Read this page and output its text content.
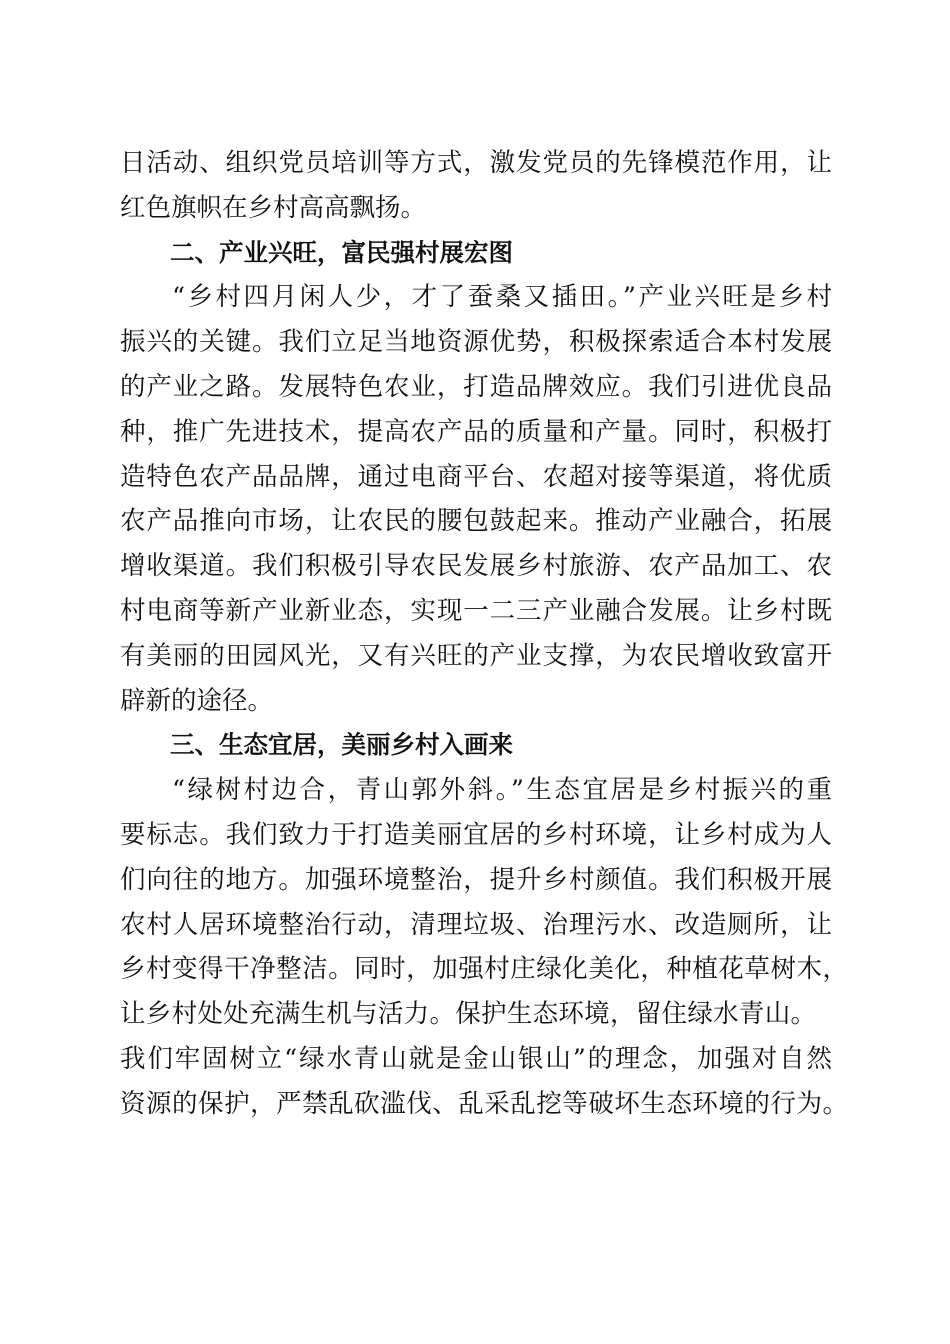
日活动、组织党员培训等方式，激发党员的先锋模范作用，让
红色旗帜在乡村高高飘扬。
二、产业兴旺，富民强村展宏图
“乡村四月闲人少，才了蚕桑又插田。”产业兴旺是乡村
振兴的关键。我们立足当地资源优势，积极探索适合本村发展
的产业之路。发展特色农业，打造品牌效应。我们引进优良品
种，推广先进技术，提高农产品的质量和产量。同时，积极打
造特色农产品品牌，通过电商平台、农超对接等渠道，将优质
农产品推向市场，让农民的腰包鼓起来。推动产业融合，拓展
增收渠道。我们积极引导农民发展乡村旅游、农产品加工、农
村电商等新产业新业态，实现一二三产业融合发展。让乡村既
有美丽的田园风光，又有兴旺的产业支撑，为农民增收致富开
辟新的途径。
三、生态宜居，美丽乡村入画来
“绿树村边合，青山郭外斜。”生态宜居是乡村振兴的重
要标志。我们致力于打造美丽宜居的乡村环境，让乡村成为人
们向往的地方。加强环境整治，提升乡村颜值。我们积极开展
农村人居环境整治行动，清理垃圾、治理污水、改造厕所，让
乡村变得干净整洁。同时，加强村庄绿化美化，种植花草树木，
让乡村处处充满生机与活力。保护生态环境，留住绿水青山。
我们牢固树立“绿水青山就是金山银山”的理念，加强对自然
资源的保护，严禁乱砍滥伐、乱采乱挖等破坏生态环境的行为。
